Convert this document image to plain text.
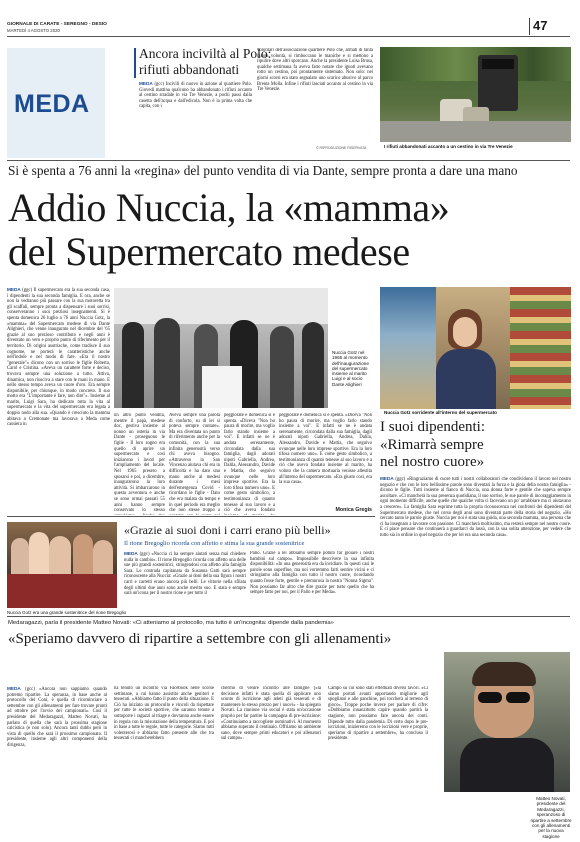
GIORNALE DI CARATE - SEREGNO - DESIO
MARTEDÌ 4 AGOSTO 2020	47
MEDA
Ancora inciviltà al Polo:
rifiuti abbandonati

MEDA (gcc) Incivili di nuovo in azione al quartiere Polo. Giovedì mattina qualcuno ha abbandonato i rifiuti accanto al cestino stradale in via Tre Venezie, a pochi passi dalla casetta dell'acqua e dall'edicola. Non è la prima volta che capita, con i

volontari dell'associazione quartiere Polo che, armati di tanta buona volontà, si rimboccano le maniche e si mettono a ripulire dove altri sporcano. Anche la presidente Luisa Brusa, qualche settimana fa aveva fatto notare che ignoti avevano rotto un cestino, poi prontamente sistemato. Non solo: nei giorni scorsi era stato segnalato uno scarico abusivo al parco Brenta Molla. Infine i rifiuti lasciati accanto al cestino in via Tre Venezie.

© RIPRODUZIONE RISERVATA	I rifiuti abbandonati accanto a un cestino in via Tre Venezie
Si è spenta a 76 anni la «regina» del punto vendita di via Dante, sempre pronta a dare una mano
Addio Nuccia, la «mamma»
del Supermercato medese

MEDA (ggc) Il supermercato era la sua seconda casa, i dipendenti la sua seconda famiglia. E ora, anche se non la vedranno più passare con la sua motoretta tra gli scaffali, sempre pronta a dispensare i suoi sorrisi, conserveranno i suoi preziosi insegnamenti. Si è spenta domenica 26 luglio a 76 anni Nuccia Gotz, la «mamma» del Supermercato medese di via Dante Alighieri, che venne inaugurato nel dicembre del '65 grazie al suo prezioso contributo e negli anni è diventato un vero e proprio punto di riferimento per il territorio. Di origini austriache, come tradisce il suo cognome, ne porterà le caratteristiche anche nell'indole e nel modo di fare. «Era il nostro "generale"» dicono con un sorriso le figlie Roberta, Carol e Cristina. «Aveva un carattere forte e deciso, trovava sempre una soluzione a tutto. Attiva, dinamica, non riusciva a stare con le mani in mano. E nello stesso tempo aveva un cuore d'oro. Era sempre disponibile, per chiunque, in modo concreto. Il suo motto era "L'importante è fare, non dire"». Insieme al marito, Luigi Sara, ha dedicato tutta la vita al supermercato e la vita del supermercato era legata a doppio nodo alla sua. «Quando è cresciuto la mamma abitava a Cremonate ma lavorava a Meda come cassiera in

Nuccia Gotz nel 1965 al momento dell'inaugurazione del supermercato insieme al marito Luigi e al socio Dante Alighieri

un altro punto vendita, mentre il papà, medese doc, gestiva insieme al nonno un osteria in via Dante - proseguono le figlie - Il loro sogno era quello di aprire un supermercato e così iniziarono i lavori per l'ampliamento del locale. Nel 1965 presero a sposarsi e poi, a dicembre, inaugurarono la loro attività. Si imbarcarono in questa avventura e anche se sono ormai passati 55 anni hanno sempre conservato lo stesso

Aveva sempre una parola di conforto, su di lei si poteva sempre contare». Ma era diventata un punto di riferimento anche per la comunità, con la sua infinita generosità verso chi aveva bisogno. «Attraverso la San Vincenzo aiutava chi era in difficoltà e ha dato una mano anche al medesi durante i mesi dell'emergenza Covid - ricordano le figlie - Dato che era malata da tempo e in quel periodo era meglio che non stesse troppo a

peggiorate e domenica si è spenta. «Diceva "Non ho paura di morire, ma voglio farlo stando insieme a voi". E infatti se ne è andata serenamente, circondata dalla sua famiglia, dagli adorati nipoti Gabriella, Andrea, Dalila, Alessandro, Davide e Mattia, che seguivo ovunque nelle loro imprese sportive. Era la loro tifosa numero uno». E come gesto simbolico, a testimonianza di quanto tenesse al suo lavoro e a ciò che aveva fondato

peggiorate e domenica si è spenta. «Diceva "Non ho paura di morire, ma voglio farlo stando insieme a voi". E infatti se ne è andata serenamente, circondata dalla sua famiglia, dagli adorati nipoti Gabriella, Andrea, Dalila, Alessandro, Davide e Mattia, che seguivo ovunque nelle loro imprese sportive. Era la loro tifosa numero uno». E come gesto simbolico, a testimonianza di quanto tenesse al suo lavoro e a ciò che aveva fondato insieme al marito, ha voluto che la camera mortuaria venisse allestita all'interno del supermercato. «Era giusto così, era la sua casa».

Monica Gregis
Nuccia Gotz sorridente all'interno del supermercato
I suoi dipendenti:
«Rimarrà sempre
nel nostro cuore»

MEDA (ggc) «Ringraziamo di cuore tutti i nostri collaboratori che condividono il lavoro nel nostro negozio e che con le loro bellissime parole sono diventati la forza e la gioia della nostra famiglia» - dicono le figlie. Tutti insieme al fianco di Nuccia, una donna forte e gentile che sapeva sempre ascoltare. «Ci mancherà la sua presenza quotidiana, il suo sorriso, le sue parole di incoraggiamento in ogni momento difficile, anche quelle che qualche volta ci facevano un po' arrabbiare ma ci aiutavano a crescere». La famiglia Sara esprime tutta la propria riconoscenza nei confronti dei dipendenti del Supermercato medese, che nel corso degli anni sono diventati parte della storia del negozio. «Ho cercato tanto le parole giuste. Nuccia per noi è stata una guida, una seconda mamma, una persona che ci ha insegnato a lavorare con passione. Ci mancherà moltissimo, ma resterà sempre nel nostro cuore. E ci piace pensare che continuerà a guardarci da lassù, con la sua solita attenzione, per vedere che tutto sia in ordine in quel negozio che per lei era una seconda casa».

Nuccia Gotz era una grande sostenitrice del rione Bregoglio
«Grazie ai suoi doni i carri erano più belli»
Il rione Bregoglio ricorda con affetto e stima la sua grande sostenitrice

MEDA (ggc) «Nuccia ci ha sempre aiutati senza mai chiedere nulla in cambio». Il rione Bregoglio ricorda con affetto una delle sue più grandi sostenitrici, stringendosi con affetto alla famiglia Sara. Lo contrada capitanata da Susanna Gatti sarà sempre riconoscente alla Nuccia: «Grazie ai doni della sua figura i nostri carri e carretti erano ancora più belli. Le vittorie nella sfilata degli ultimi due anni sono anche merito suo. E stata e sempre sarà un'icona per il nostro rione e per tutto il

Palio. Grazie a lei abbiamo sempre potuto far gioiare i nostri bambini sul campo». Impossibile descrivere la sua infinita disponibilità: «In una generosità era da invidiare. In questi casi le parole sono superflue, ma noi vorremmo farti sentire vicini e ci stringiamo alla famiglia con tutto il nostro cuore, ricordando quanto fosse forte, gentile e premurosa la nostra "Nonna Sigma". Non possiamo far altro che dire grazie per tutto quello che ha sempre fatto per noi, per il Palio e per Meda».

Medaragazzi, parla il presidente Matteo Novati: «Ci atteniamo al protocollo, ma tutto è un'incognita: dipende dalla pandemia»
«Speriamo davvero di ripartire a settembre con gli allenamenti»

MEDA (gcc) «Ancora non sappiamo quando potremo ripartire. La speranza, in base anche al protocollo del Coni, è quella di ricominciare a settembre con gli allenamenti per fare trovare pronti ad ottobre per l'avvio dei campionati». Così il presidente del Medaragazzi, Matteo Novati, ha parlato di quella che sarà la prossima stagione calcistica (e non solo). Ancora tanti dubbi però in vista di quello che sarà il prossimo campionato. Il presidente, insieme agli altri componenti della dirigenza,

ha tenuto un incontro via Facebook nelle scorse settimane, a cui hanno assistito anche genitori e tesserati. «Abbiamo fatto il punto della situazione. E Ciò ha iniziato un protocollo e vincoli da rispettare per tutte le società sportive, che saranno tenute a sottoporre i ragazzi al triage e dovranno anche essere in regola con la misurazione della temperatura. E poi in base a tutte le regole, tutte le categorie. Siamo tutti volenterosi e abbiamo fatto presente alle che tra tesserati ci mancherebbero

chermo di venire incontro alle famiglie («la decisione infatti è stata quella di applicare uno sconto di iscrizione agli atleti già tesserati e di mantenere lo stesso prezzo per i nuovi» - ha spiegato Novati. La riunione via social è stata un'occasione proprio per far partire la campagna di pre-iscrizione: «Continuiamo a raccogliere nominativi. Al momento abbiamo superato il centinaio. Offriamo un ambiente sano, dove sempre primi educatori e poi allenatori sul campo».

Campo su cui sono stati effettuati diversi lavori. «Ci siamo portati avanti apportando migliorie agli spogliatoi e alle panchine, poi toccherà al terreno di gioco». Troppe poche invece per parlare di cifre: «Dobbiamo innanzitutto capire quando partirà la stagione, non possiamo fare ancora dei conti. Dipende tutto dalla pandemia. Di certo dopo le pre-iscrizioni, inizieremo con le iscrizioni vere e proprie, speriamo di ripartire a settembre», ha concluso il presidente.

Matteo Novati, presidente del Medaragazzi, speranzoso di ripartire a settembre con gli allenamenti per la nuova stagione
